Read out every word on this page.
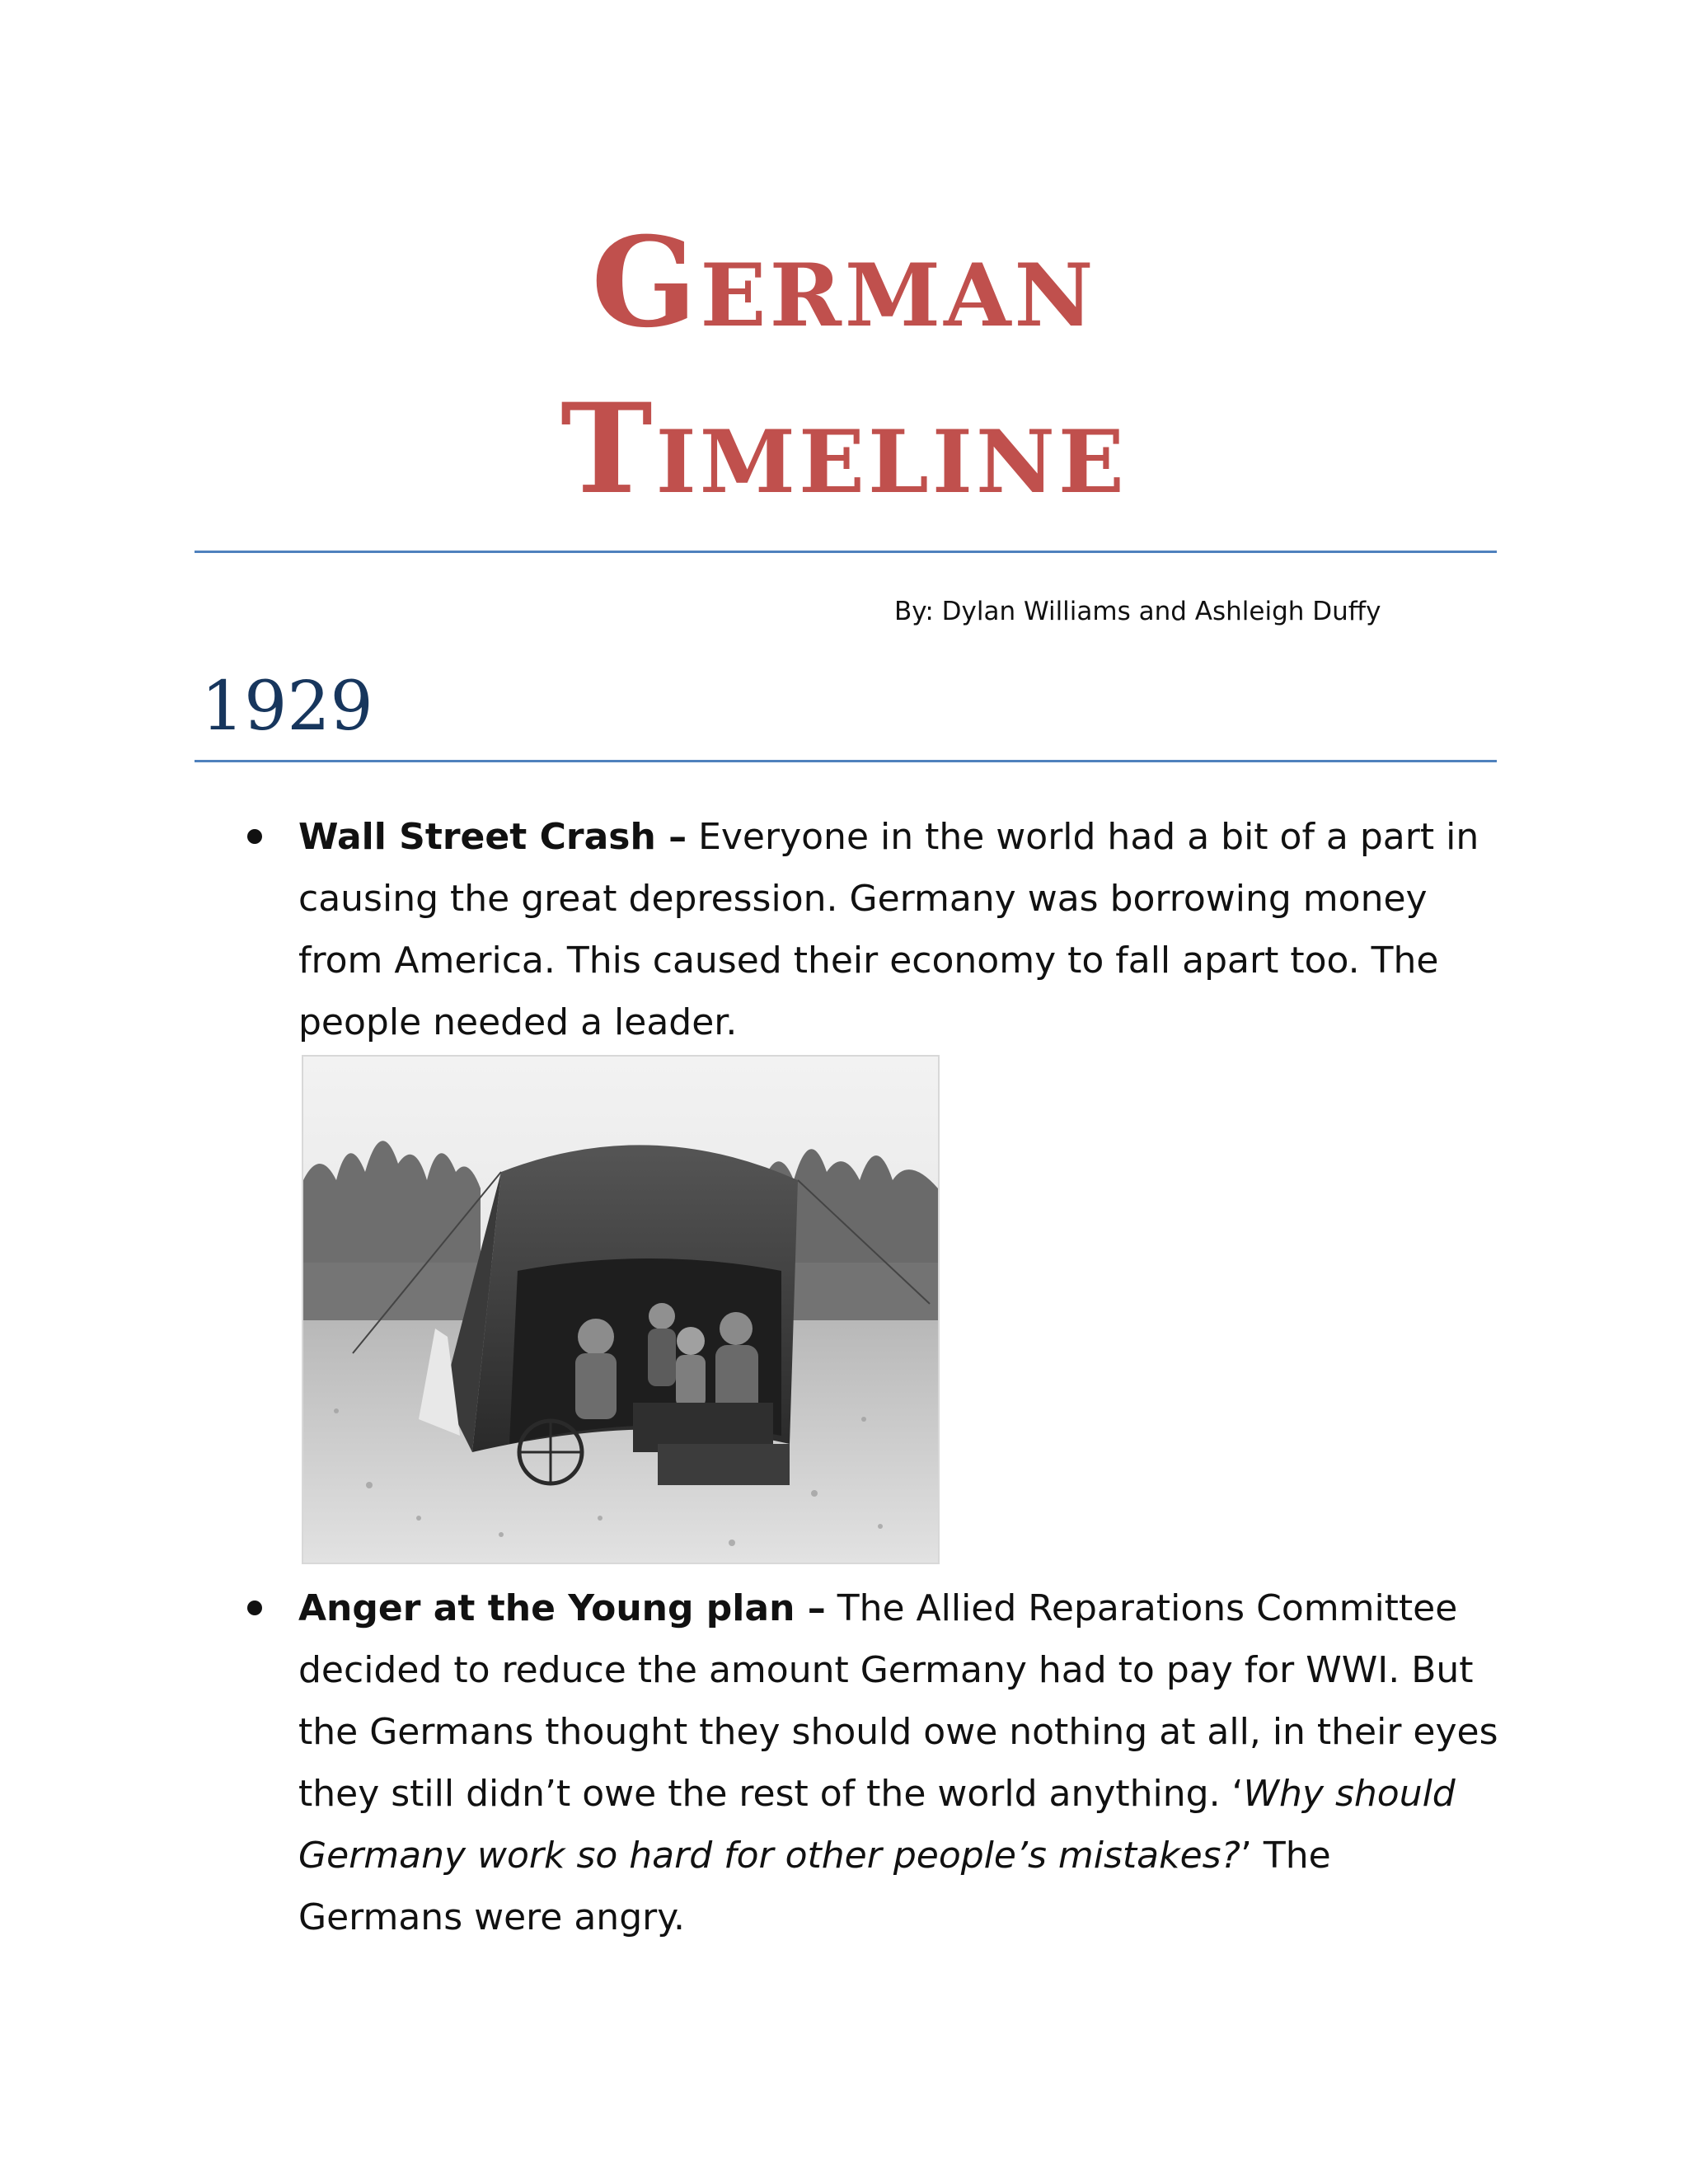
German
Timeline
By: Dylan Williams and Ashleigh Duffy
1929
Wall Street Crash – Everyone in the world had a bit of a part in causing the great depression. Germany was borrowing money from America. This caused their economy to fall apart too. The people needed a leader.
Anger at the Young plan – The Allied Reparations Committee decided to reduce the amount Germany had to pay for WWI. But the Germans thought they should owe nothing at all, in their eyes they still didn’t owe the rest of the world anything. ‘Why should Germany work so hard for other people’s mistakes?’ The Germans were angry.
